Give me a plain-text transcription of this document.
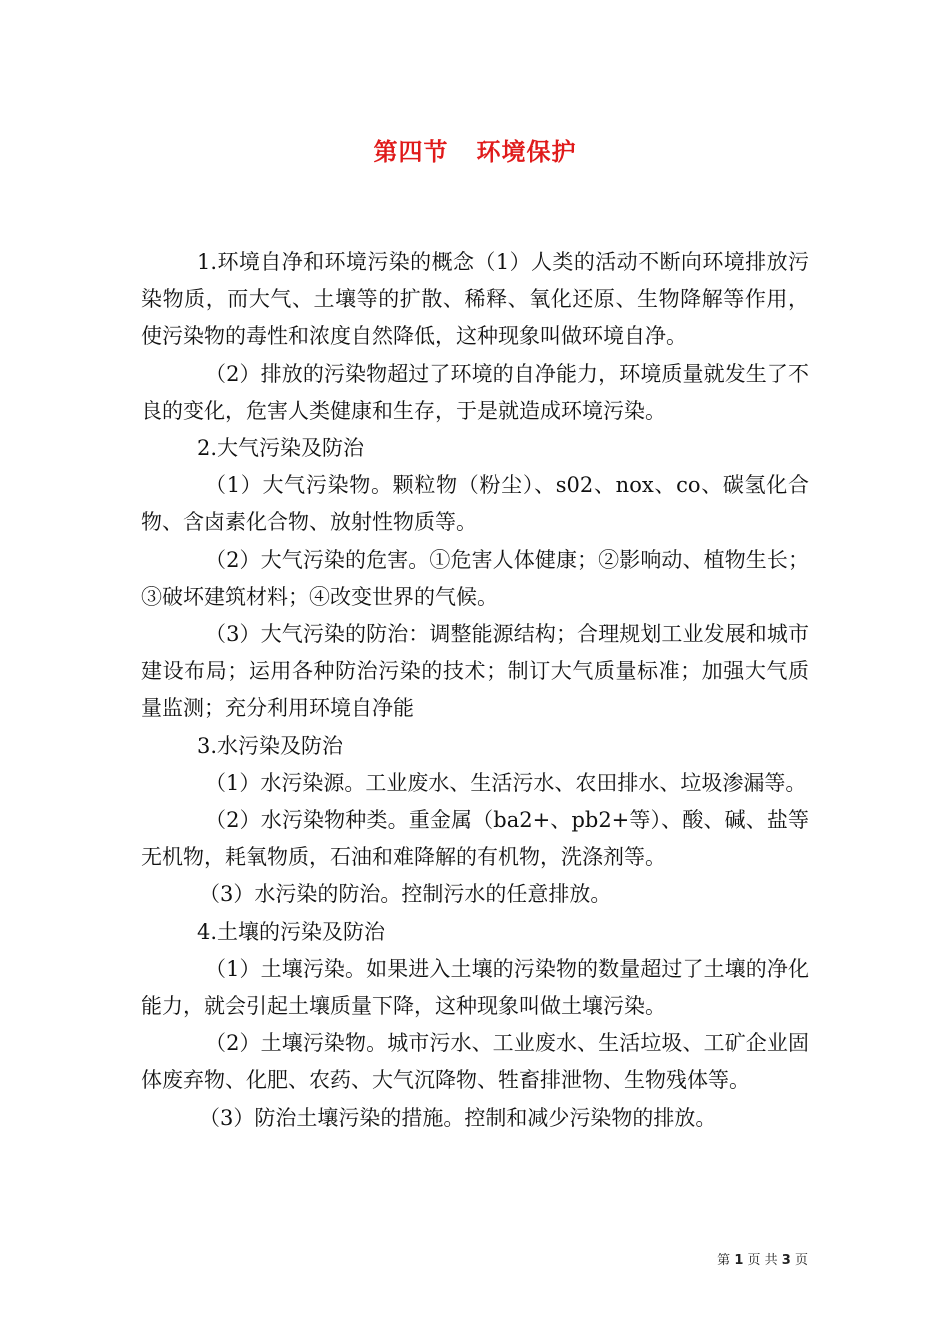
第四节 环境保护

1.环境自净和环境污染的概念（1）人类的活动不断向环境排放污染物质，而大气、土壤等的扩散、稀释、氧化还原、生物降解等作用，使污染物的毒性和浓度自然降低，这种现象叫做环境自净。

（2）排放的污染物超过了环境的自净能力，环境质量就发生了不良的变化，危害人类健康和生存，于是就造成环境污染。

2.大气污染及防治

（1）大气污染物。颗粒物（粉尘）、s02、nox、co、碳氢化合物、含卤素化合物、放射性物质等。

（2）大气污染的危害。①危害人体健康；②影响动、植物生长；③破坏建筑材料；④改变世界的气候。

（3）大气污染的防治：调整能源结构；合理规划工业发展和城市建设布局；运用各种防治污染的技术；制订大气质量标准；加强大气质量监测；充分利用环境自净能

3.水污染及防治

（1）水污染源。工业废水、生活污水、农田排水、垃圾渗漏等。

（2）水污染物种类。重金属（ba2+、pb2+等）、酸、碱、盐等无机物，耗氧物质，石油和难降解的有机物，洗涤剂等。

（3）水污染的防治。控制污水的任意排放。

4.土壤的污染及防治

（1）土壤污染。如果进入土壤的污染物的数量超过了土壤的净化能力，就会引起土壤质量下降，这种现象叫做土壤污染。

（2）土壤污染物。城市污水、工业废水、生活垃圾、工矿企业固体废弃物、化肥、农药、大气沉降物、牲畜排泄物、生物残体等。

（3）防治土壤污染的措施。控制和减少污染物的排放。

第 1 页 共 3 页
